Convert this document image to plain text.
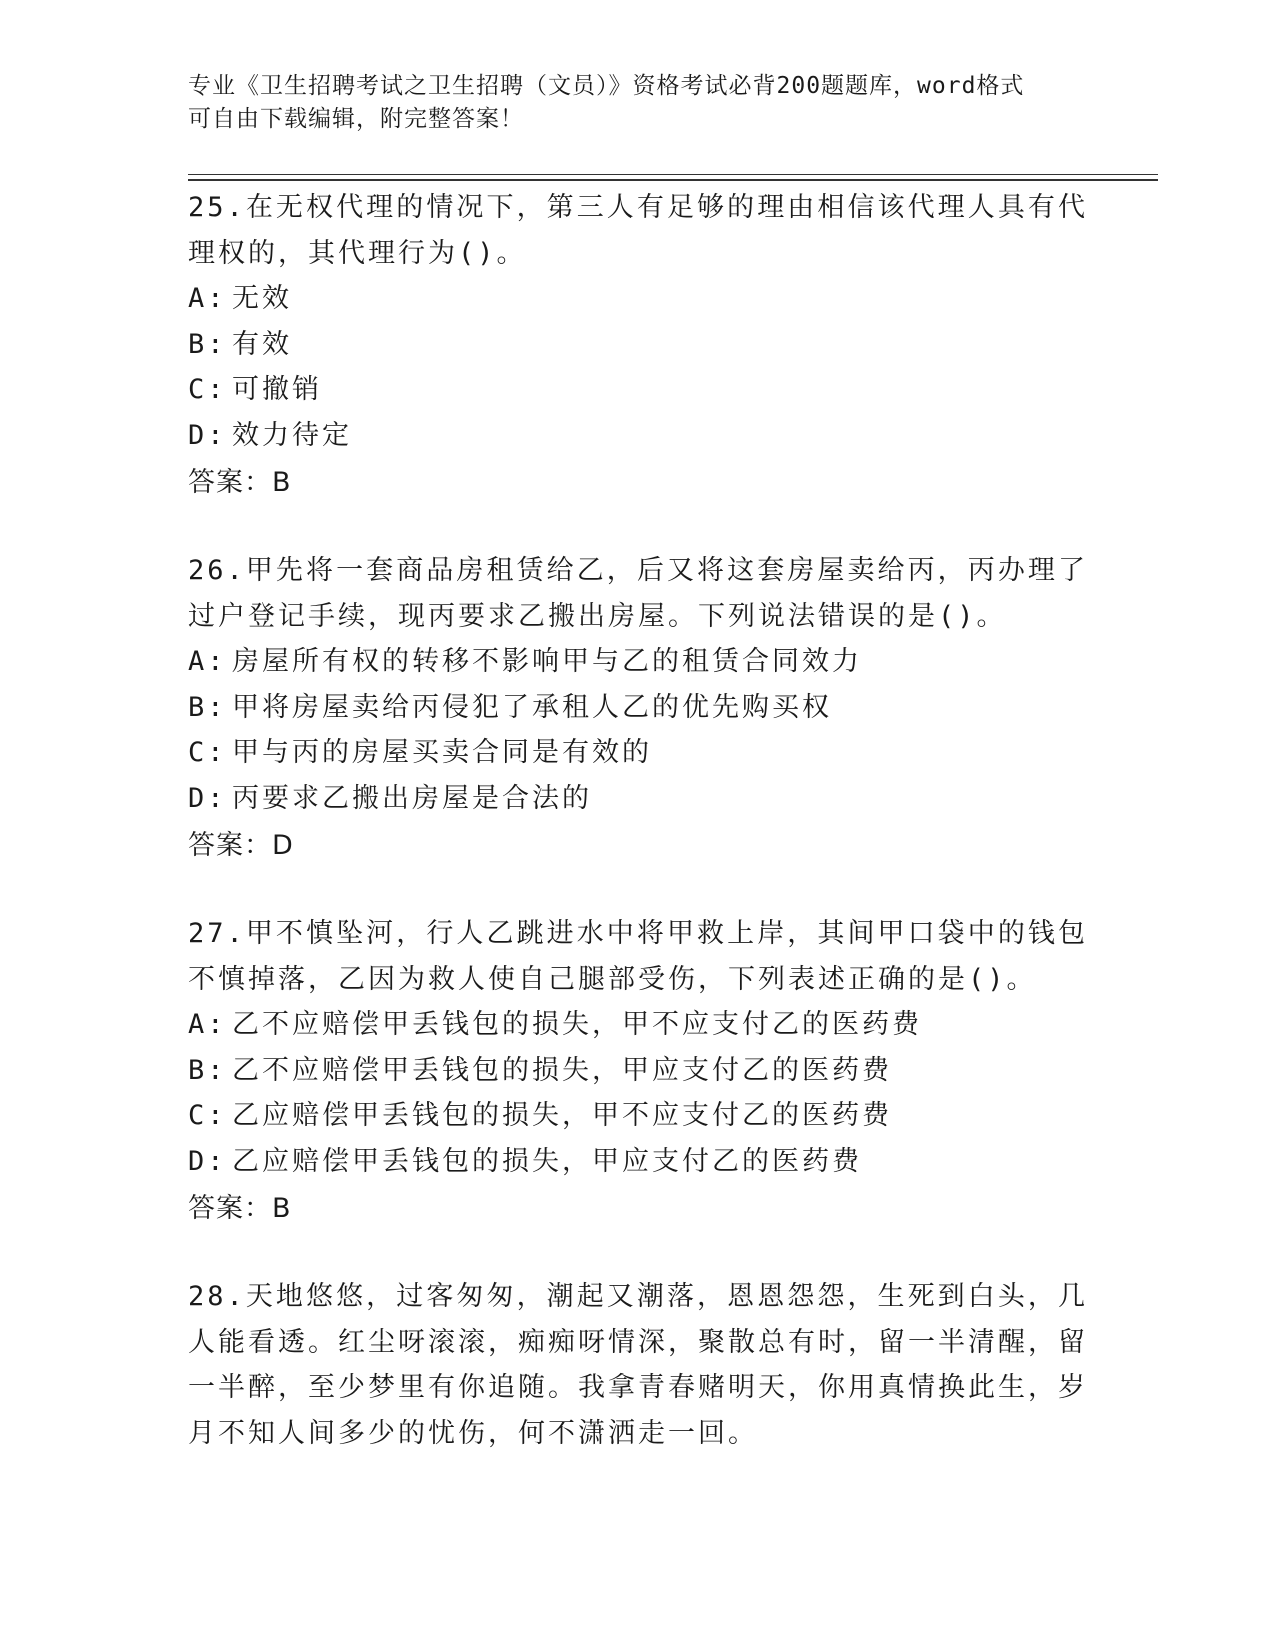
专业《卫生招聘考试之卫生招聘（文员）》资格考试必背200题题库，word格式
可自由下载编辑，附完整答案！
25.在无权代理的情况下，第三人有足够的理由相信该代理人具有代理权的，其代理行为()。
A: 无效
B: 有效
C: 可撤销
D: 效力待定
答案：B
26.甲先将一套商品房租赁给乙，后又将这套房屋卖给丙，丙办理了过户登记手续，现丙要求乙搬出房屋。下列说法错误的是()。
A: 房屋所有权的转移不影响甲与乙的租赁合同效力
B: 甲将房屋卖给丙侵犯了承租人乙的优先购买权
C: 甲与丙的房屋买卖合同是有效的
D: 丙要求乙搬出房屋是合法的
答案：D
27.甲不慎坠河，行人乙跳进水中将甲救上岸，其间甲口袋中的钱包不慎掉落，乙因为救人使自己腿部受伤，下列表述正确的是()。
A: 乙不应赔偿甲丢钱包的损失，甲不应支付乙的医药费
B: 乙不应赔偿甲丢钱包的损失，甲应支付乙的医药费
C: 乙应赔偿甲丢钱包的损失，甲不应支付乙的医药费
D: 乙应赔偿甲丢钱包的损失，甲应支付乙的医药费
答案：B
28.天地悠悠，过客匆匆，潮起又潮落，恩恩怨怨，生死到白头，几人能看透。红尘呀滚滚，痴痴呀情深，聚散总有时，留一半清醒，留一半醉，至少梦里有你追随。我拿青春赌明天，你用真情换此生，岁月不知人间多少的忧伤，何不潇洒走一回。
